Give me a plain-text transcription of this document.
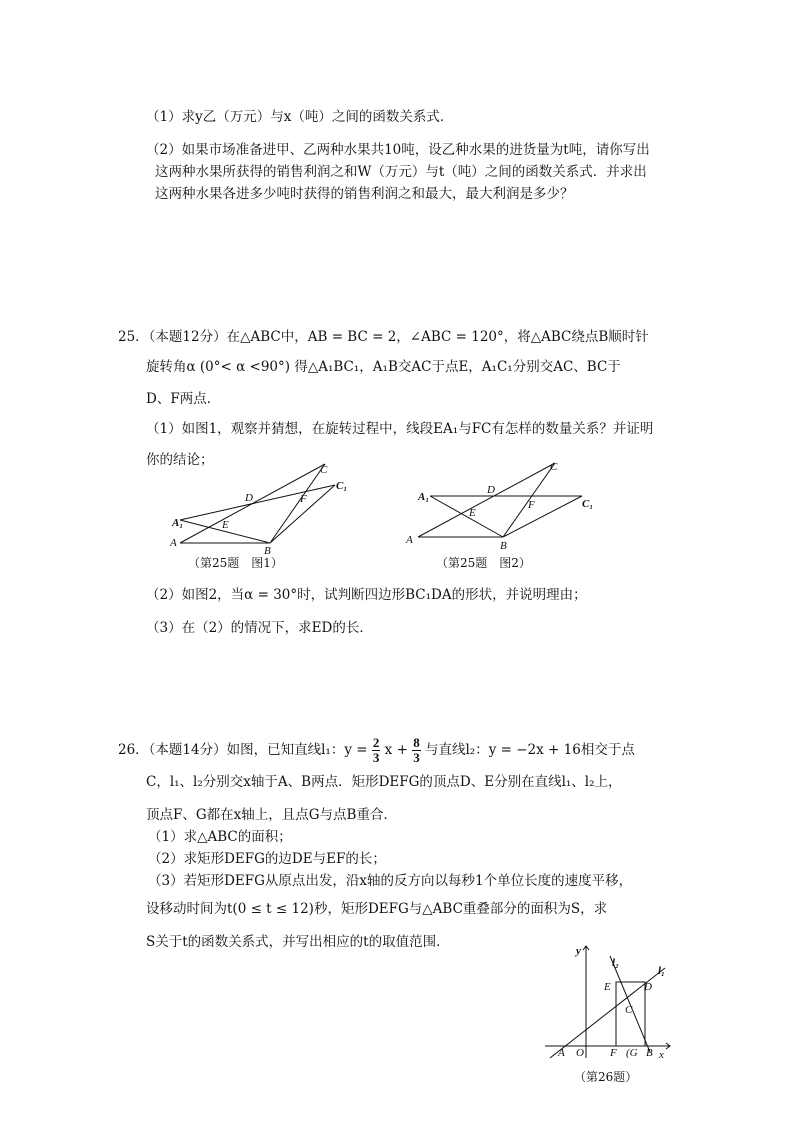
（1）求y乙（万元）与x（吨）之间的函数关系式．
（2）如果市场准备进甲、乙两种水果共10吨，设乙种水果的进货量为t吨，请你写出
这两种水果所获得的销售利润之和W（万元）与t（吨）之间的函数关系式．并求出
这两种水果各进多少吨时获得的销售利润之和最大，最大利润是多少？
25．（本题12分）在△ABC中，AB = BC = 2，∠ABC = 120°，将△ABC绕点B顺时针
旋转角α (0°< α <90°) 得△A₁BC₁，A₁B交AC于点E，A₁C₁分别交AC、BC于
D、F两点．
（1）如图1，观察并猜想，在旋转过程中，线段EA₁与FC有怎样的数量关系？并证明
你的结论；
C
C₁
D	F
E
A₁
A
B
（第25题　图1）
C
C₁
D
F
E
A₁
A	B
（第25题　图2）
（2）如图2，当α = 30°时，试判断四边形BC₁DA的形状，并说明理由；
（3）在（2）的情况下，求ED的长．
26．（本题14分）如图，已知直线l₁：$y = \frac{2}{3}$ $x + \frac{8}{3}$ 与直线l₂：y = −2x + 16相交于点
C，l₁、l₂分别交x轴于A、B两点．矩形DEFG的顶点D、E分别在直线l₁、l₂上，
顶点F、G都在x轴上，且点G与点B重合．
（1）求△ABC的面积；
（2）求矩形DEFG的边DE与EF的长；
（3）若矩形DEFG从原点出发，沿x轴的反方向以每秒1个单位长度的速度平移，
设移动时间为t(0 ≤ t ≤ 12)秒，矩形DEFG与△ABC重叠部分的面积为S，求
S关于t的函数关系式，并写出相应的t的取值范围．
y
l₂
l₁
E	D
C
A O F (G B x
（第26题）
